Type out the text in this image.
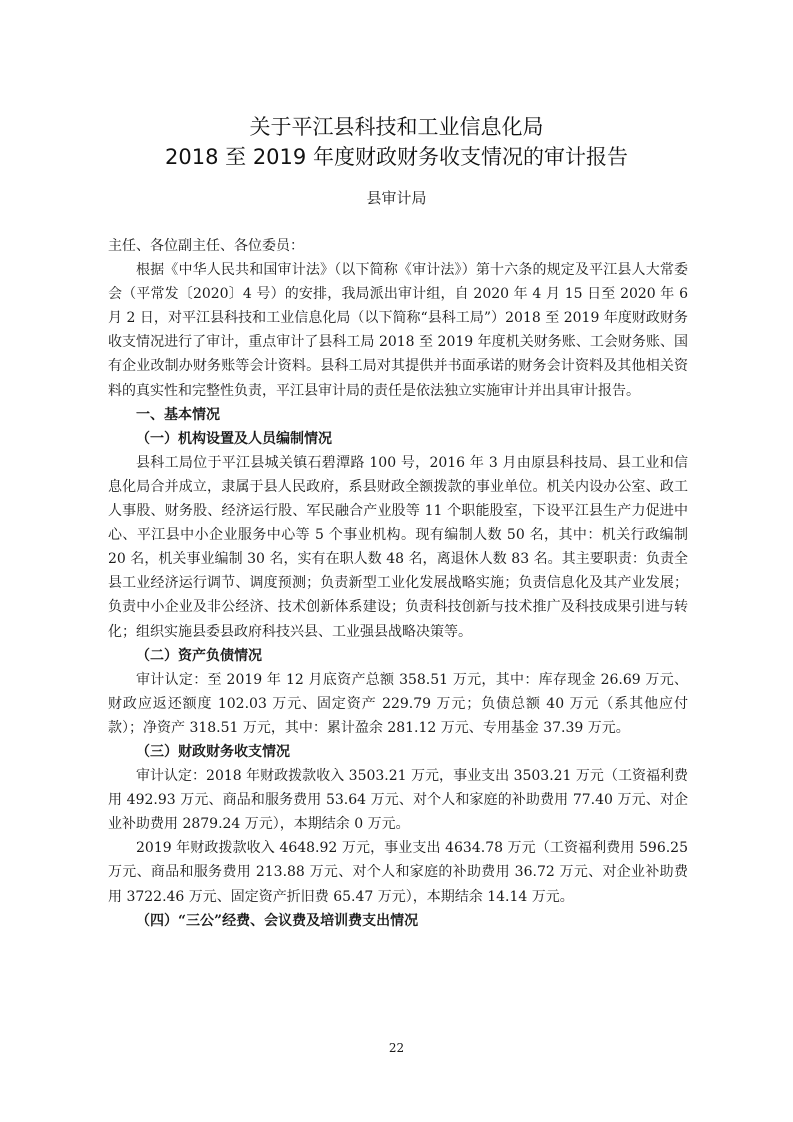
关于平江县科技和工业信息化局
2018 至 2019 年度财政财务收支情况的审计报告
县审计局

主任、各位副主任、各位委员：

根据《中华人民共和国审计法》（以下简称《审计法》）第十六条的规定及平江县人大常委会（平常发〔2020〕4 号）的安排，我局派出审计组，自 2020 年 4 月 15 日至 2020 年 6 月 2 日，对平江县科技和工业信息化局（以下简称“县科工局”）2018 至 2019 年度财政财务收支情况进行了审计，重点审计了县科工局 2018 至 2019 年度机关财务账、工会财务账、国有企业改制办财务账等会计资料。县科工局对其提供并书面承诺的财务会计资料及其他相关资料的真实性和完整性负责，平江县审计局的责任是依法独立实施审计并出具审计报告。

一、基本情况

（一）机构设置及人员编制情况

县科工局位于平江县城关镇石碧潭路 100 号，2016 年 3 月由原县科技局、县工业和信息化局合并成立，隶属于县人民政府，系县财政全额拨款的事业单位。机关内设办公室、政工人事股、财务股、经济运行股、军民融合产业股等 11 个职能股室，下设平江县生产力促进中心、平江县中小企业服务中心等 5 个事业机构。现有编制人数 50 名，其中：机关行政编制 20 名，机关事业编制 30 名，实有在职人数 48 名，离退休人数 83 名。其主要职责：负责全县工业经济运行调节、调度预测；负责新型工业化发展战略实施；负责信息化及其产业发展；负责中小企业及非公经济、技术创新体系建设；负责科技创新与技术推广及科技成果引进与转化；组织实施县委县政府科技兴县、工业强县战略决策等。

（二）资产负债情况

审计认定：至 2019 年 12 月底资产总额 358.51 万元，其中：库存现金 26.69 万元、财政应返还额度 102.03 万元、固定资产 229.79 万元；负债总额 40 万元（系其他应付款）；净资产 318.51 万元，其中：累计盈余 281.12 万元、专用基金 37.39 万元。

（三）财政财务收支情况

审计认定：2018 年财政拨款收入 3503.21 万元，事业支出 3503.21 万元（工资福利费用 492.93 万元、商品和服务费用 53.64 万元、对个人和家庭的补助费用 77.40 万元、对企业补助费用 2879.24 万元），本期结余 0 万元。

2019 年财政拨款收入 4648.92 万元，事业支出 4634.78 万元（工资福利费用 596.25 万元、商品和服务费用 213.88 万元、对个人和家庭的补助费用 36.72 万元、对企业补助费用 3722.46 万元、固定资产折旧费 65.47 万元），本期结余 14.14 万元。

（四）“三公”经费、会议费及培训费支出情况

22
